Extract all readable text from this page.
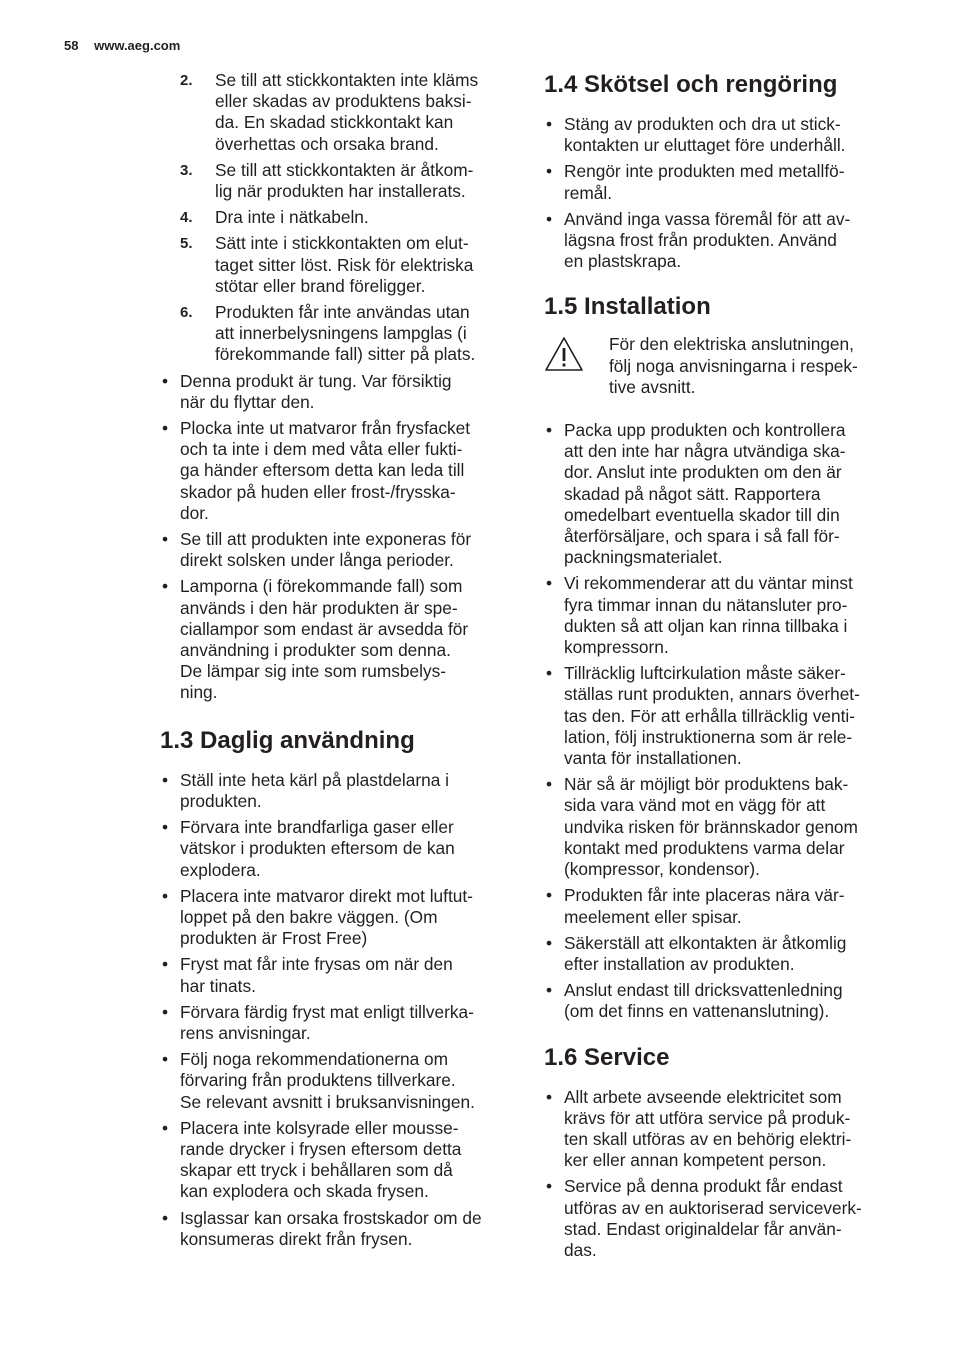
58 www.aeg.com
2. Se till att stickkontakten inte kläms
eller skadas av produktens baksi-
da. En skadad stickkontakt kan
överhettas och orsaka brand.
3. Se till att stickkontakten är åtkom-
lig när produkten har installerats.
4. Dra inte i nätkabeln.
5. Sätt inte i stickkontakten om elut-
taget sitter löst. Risk för elektriska
stötar eller brand föreligger.
6. Produkten får inte användas utan
att innerbelysningens lampglas (i
förekommande fall) sitter på plats.
• Denna produkt är tung. Var försiktig
när du flyttar den.
• Plocka inte ut matvaror från frysfacket
och ta inte i dem med våta eller fukti-
ga händer eftersom detta kan leda till
skador på huden eller frost-/frysska-
dor.
• Se till att produkten inte exponeras för
direkt solsken under långa perioder.
• Lamporna (i förekommande fall) som
används i den här produkten är spe-
ciallampor som endast är avsedda för
användning i produkter som denna.
De lämpar sig inte som rumsbelys-
ning.
1.3 Daglig användning
• Ställ inte heta kärl på plastdelarna i
produkten.
• Förvara inte brandfarliga gaser eller
vätskor i produkten eftersom de kan
explodera.
• Placera inte matvaror direkt mot luftut-
loppet på den bakre väggen. (Om
produkten är Frost Free)
• Fryst mat får inte frysas om när den
har tinats.
• Förvara färdig fryst mat enligt tillverka-
rens anvisningar.
• Följ noga rekommendationerna om
förvaring från produktens tillverkare.
Se relevant avsnitt i bruksanvisningen.
• Placera inte kolsyrade eller mousse-
rande drycker i frysen eftersom detta
skapar ett tryck i behållaren som då
kan explodera och skada frysen.
• Isglassar kan orsaka frostskador om de
konsumeras direkt från frysen.
1.4 Skötsel och rengöring
• Stäng av produkten och dra ut stick-
kontakten ur eluttaget före underhåll.
• Rengör inte produkten med metallfö-
remål.
• Använd inga vassa föremål för att av-
lägsna frost från produkten. Använd
en plastskrapa.
1.5 Installation
För den elektriska anslutningen,
följ noga anvisningarna i respek-
tive avsnitt.
• Packa upp produkten och kontrollera
att den inte har några utvändiga ska-
dor. Anslut inte produkten om den är
skadad på något sätt. Rapportera
omedelbart eventuella skador till din
återförsäljare, och spara i så fall för-
packningsmaterialet.
• Vi rekommenderar att du väntar minst
fyra timmar innan du nätansluter pro-
dukten så att oljan kan rinna tillbaka i
kompressorn.
• Tillräcklig luftcirkulation måste säker-
ställas runt produkten, annars överhet-
tas den. För att erhålla tillräcklig venti-
lation, följ instruktionerna som är rele-
vanta för installationen.
• När så är möjligt bör produktens bak-
sida vara vänd mot en vägg för att
undvika risken för brännskador genom
kontakt med produktens varma delar
(kompressor, kondensor).
• Produkten får inte placeras nära vär-
meelement eller spisar.
• Säkerställ att elkontakten är åtkomlig
efter installation av produkten.
• Anslut endast till dricksvattenledning
(om det finns en vattenanslutning).
1.6 Service
• Allt arbete avseende elektricitet som
krävs för att utföra service på produk-
ten skall utföras av en behörig elektri-
ker eller annan kompetent person.
• Service på denna produkt får endast
utföras av en auktoriserad serviceverk-
stad. Endast originaldelar får använ-
das.
